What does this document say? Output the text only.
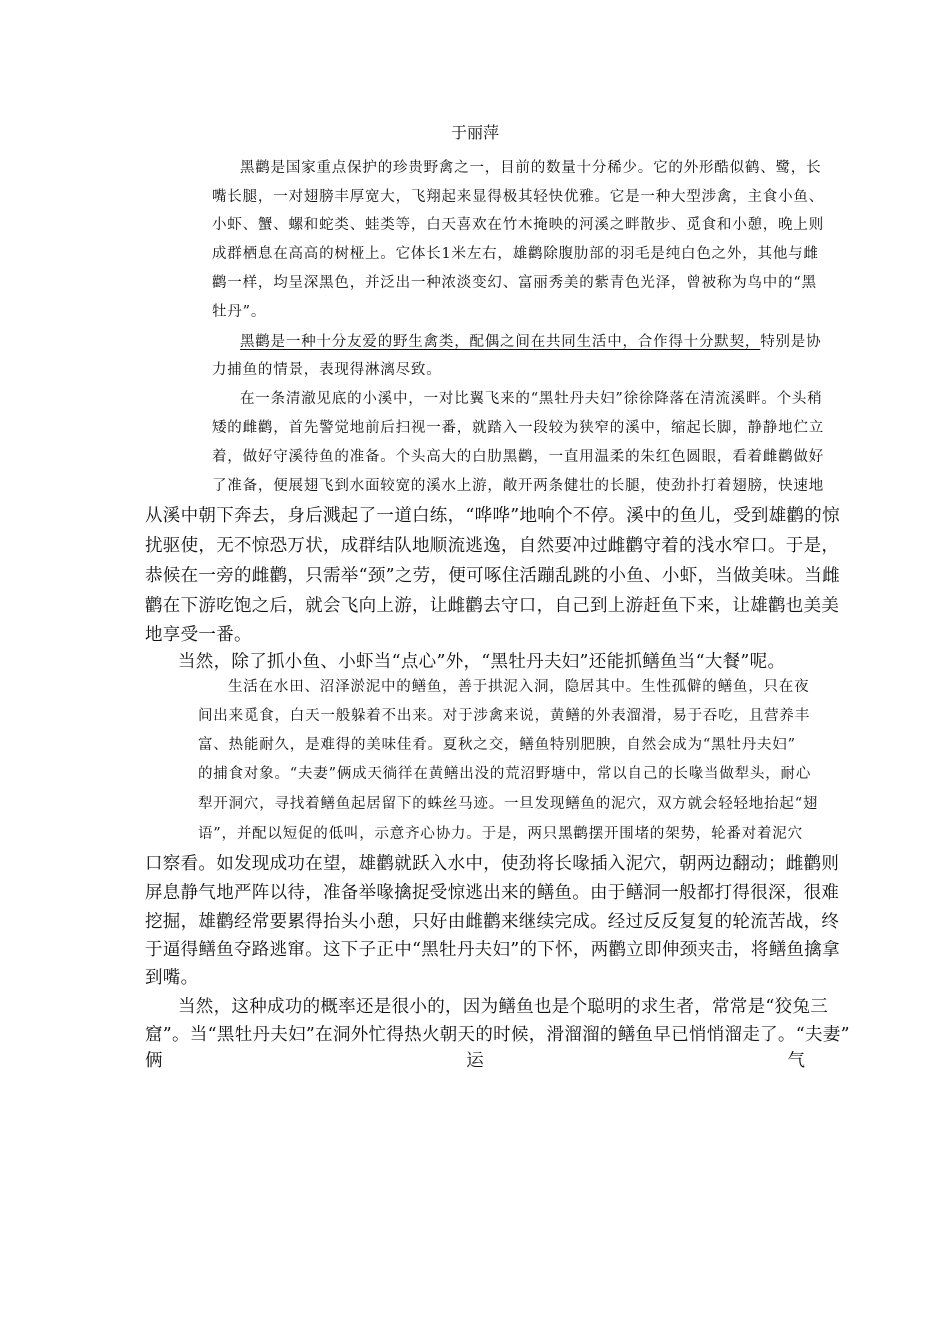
于丽萍
黑鹳是国家重点保护的珍贵野禽之一，目前的数量十分稀少。它的外形酷似鹤、鹭，长
嘴长腿，一对翅膀丰厚宽大，飞翔起来显得极其轻快优雅。它是一种大型涉禽，主食小鱼、
小虾、蟹、螺和蛇类、蛙类等，白天喜欢在竹木掩映的河溪之畔散步、觅食和小憩，晚上则
成群栖息在高高的树桠上。它体长1米左右，雄鹳除腹肋部的羽毛是纯白色之外，其他与雌
鹳一样，均呈深黑色，并泛出一种浓淡变幻、富丽秀美的紫青色光泽，曾被称为鸟中的“黑
牡丹”。
黑鹳是一种十分友爱的野生禽类，配偶之间在共同生活中，合作得十分默契，特别是协
力捕鱼的情景，表现得淋漓尽致。
在一条清澈见底的小溪中，一对比翼飞来的“黑牡丹夫妇”徐徐降落在清流溪畔。个头稍
矮的雌鹳，首先警觉地前后扫视一番，就踏入一段较为狭窄的溪中，缩起长脚，静静地伫立
着，做好守溪待鱼的准备。个头高大的白肋黑鹳，一直用温柔的朱红色圆眼，看着雌鹳做好
了准备，便展翅飞到水面较宽的溪水上游，敞开两条健壮的长腿，使劲扑打着翅膀，快速地
从溪中朝下奔去，身后溅起了一道白练，“哗哗”地响个不停。溪中的鱼儿，受到雄鹳的惊
扰驱使，无不惊恐万状，成群结队地顺流逃逸，自然要冲过雌鹳守着的浅水窄口。于是，
恭候在一旁的雌鹳，只需举“颈”之劳，便可啄住活蹦乱跳的小鱼、小虾，当做美味。当雌
鹳在下游吃饱之后，就会飞向上游，让雌鹳去守口，自己到上游赶鱼下来，让雄鹳也美美
地享受一番。
当然，除了抓小鱼、小虾当“点心”外，“黑牡丹夫妇”还能抓鳝鱼当“大餐”呢。
生活在水田、沼泽淤泥中的鳝鱼，善于拱泥入洞，隐居其中。生性孤僻的鳝鱼，只在夜
间出来觅食，白天一般躲着不出来。对于涉禽来说，黄鳝的外表溜滑，易于吞吃，且营养丰
富、热能耐久，是难得的美味佳肴。夏秋之交，鳝鱼特别肥腴，自然会成为“黑牡丹夫妇”
的捕食对象。“夫妻”俩成天徜徉在黄鳝出没的荒沼野塘中，常以自己的长喙当做犁头，耐心
犁开洞穴，寻找着鳝鱼起居留下的蛛丝马迹。一旦发现鳝鱼的泥穴，双方就会轻轻地抬起“翅
语”，并配以短促的低叫，示意齐心协力。于是，两只黑鹳摆开围堵的架势，轮番对着泥穴
口察看。如发现成功在望，雄鹳就跃入水中，使劲将长喙插入泥穴，朝两边翻动；雌鹳则
屏息静气地严阵以待，准备举喙擒捉受惊逃出来的鳝鱼。由于鳝洞一般都打得很深，很难
挖掘，雄鹳经常要累得抬头小憩，只好由雌鹳来继续完成。经过反反复复的轮流苦战，终
于逼得鳝鱼夺路逃窜。这下子正中“黑牡丹夫妇”的下怀，两鹳立即伸颈夹击，将鳝鱼擒拿
到嘴。
当然，这种成功的概率还是很小的，因为鳝鱼也是个聪明的求生者，常常是“狡兔三
窟”。当“黑牡丹夫妇”在洞外忙得热火朝天的时候，滑溜溜的鳝鱼早已悄悄溜走了。“夫妻”
俩	运	气
